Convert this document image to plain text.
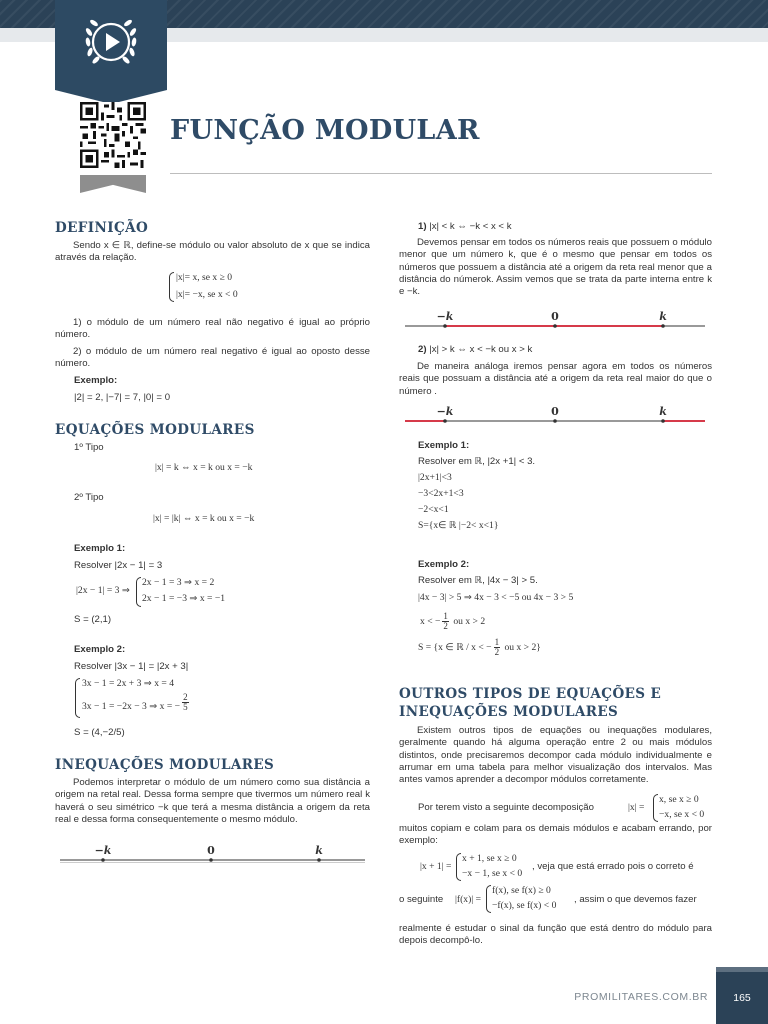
FUNÇÃO MODULAR
DEFINIÇÃO
Sendo x ∈ ℝ, define-se módulo ou valor absoluto de x que se indica através da relação.
|x|= x, se x ≥ 0
|x|= −x, se x < 0
1) o módulo de um número real não negativo é igual ao próprio número.
2) o módulo de um número real negativo é igual ao oposto desse número.
Exemplo:
|2| = 2, |−7| = 7, |0| = 0
EQUAÇÕES MODULARES
1º Tipo
|x| = k ⇔ x = k ou x = −k
2º Tipo
|x| = |k| ⇔ x = k ou x = −k
Exemplo 1:
Resolver |2x − 1| = 3
|2x − 1| = 3 ⇒
2x − 1 = 3 ⇒ x = 2
2x − 1 = −3 ⇒ x = −1
S = (2,1)
Exemplo 2:
Resolver |3x − 1| = |2x + 3|
3x − 1 = 2x + 3 ⇒ x = 4
3x − 1 = −2x − 3 ⇒ x = − $\frac{2}{5}$
S = (4,−2/5)
INEQUAÇÕES MODULARES
Podemos interpretar o módulo de um número como sua distância a origem na retal real. Dessa forma sempre que tivermos um número real k haverá o seu simétrico −k que terá a mesma distância a origem da reta real e dessa forma consequentemente o mesmo módulo.
−k	0	k
1) |x| < k ⇔ −k < x < k
Devemos pensar em todos os números reais que possuem o módulo menor que um número k, que é o mesmo que pensar em todos os números que possuem a distância até a origem da reta real menor que a distância do númerok. Assim vemos que se trata da parte interna entre k e −k.
−k	0	k
2) |x| > k ⇔ x < −k ou x > k
De maneira análoga iremos pensar agora em todos os números reais que possuam a distância até a origem da reta real maior do que o número .
−k	0	k
Exemplo 1:
Resolver em ℝ, |2x +1| < 3.
|2x+1|<3
−3<2x+1<3
−2<x<1
S={x∈ ℝ |−2< x<1}
Exemplo 2:
Resolver em ℝ, |4x − 3| > 5.
|4x − 3| > 5 ⇒ 4x − 3 < −5 ou 4x − 3 > 5
x < − $\frac{1}{2}$ ou x > 2
S = {x ∈ ℝ / x < − $\frac{1}{2}$ ou x > 2}
OUTROS TIPOS DE EQUAÇÕES E INEQUAÇÕES MODULARES
Existem outros tipos de equações ou inequações modulares, geralmente quando há alguma operação entre 2 ou mais módulos distintos, onde precisaremos decompor cada módulo individualmente e arrumar em uma tabela para melhor visualização dos intervalos. Mas antes vamos aprender a decompor módulos corretamente.
Por terem visto a seguinte decomposição	|x| =
x, se x ≥ 0
−x, se x < 0
muitos copiam e colam para os demais módulos e acabam errando, por exemplo:
|x + 1| =
x + 1, se x ≥ 0
−x − 1, se x < 0
, veja que está errado pois o correto é
o seguinte |f(x)| =
f(x), se f(x) ≥ 0
−f(x), se f(x) < 0
, assim o que devemos fazer
realmente é estudar o sinal da função que está dentro do módulo para depois decompô-lo.
PROMILITARES.COM.BR	165
